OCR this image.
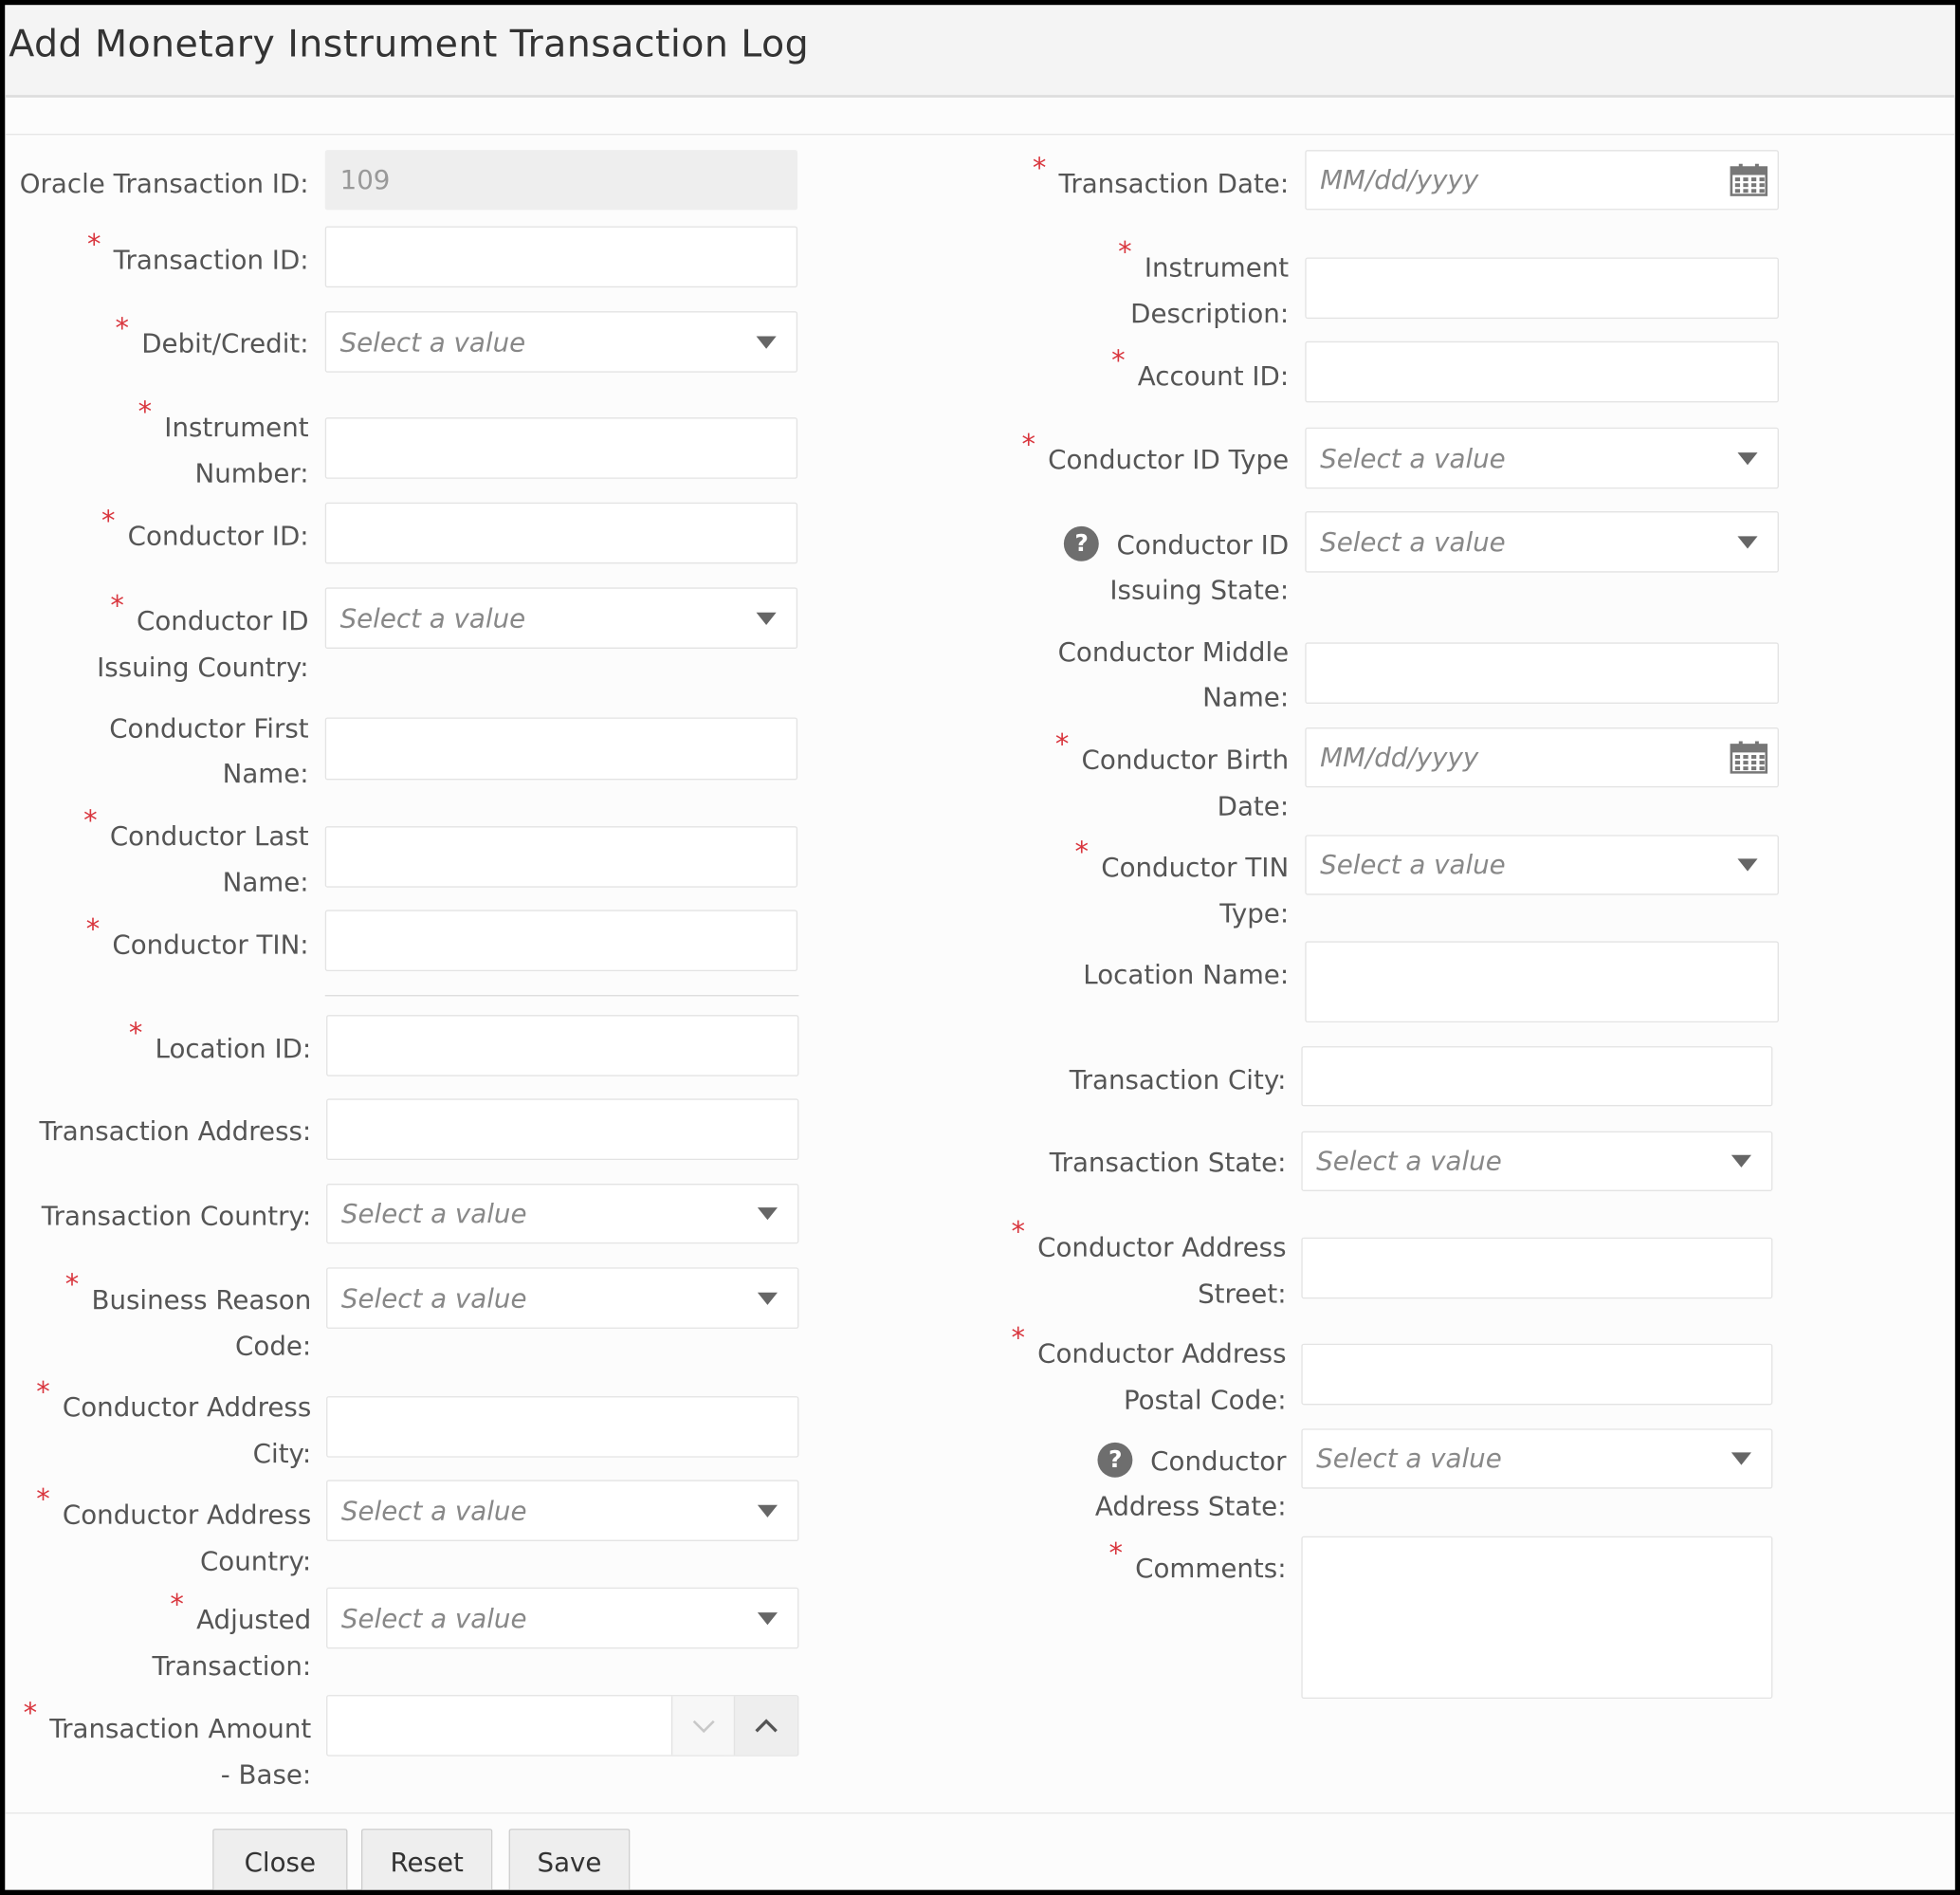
Add Monetary Instrument Transaction Log
Oracle Transaction ID: 109
* Transaction ID:
* Debit/Credit: Select a value
* Instrument
Number:
* Conductor ID:
* Conductor ID
Issuing Country:
Select a value
Conductor First
Name:
* Conductor Last
Name:
* Conductor TIN:
* Location ID:
Transaction Address:
Transaction Country: Select a value
* Business Reason
Code:
Select a value
* Conductor Address
City:
* Conductor Address
Country:
Select a value
* Adjusted
Transaction:
Select a value
* Transaction Amount
- Base:
* Transaction Date: MM/dd/yyyy
* Instrument
Description:
* Account ID:
* Conductor ID Type Select a value
? Conductor ID
Issuing State:
Select a value
Conductor Middle
Name:
* Conductor Birth
Date:
MM/dd/yyyy
* Conductor TIN
Type:
Select a value
Location Name:
Transaction City:
Transaction State: Select a value
* Conductor Address
Street:
* Conductor Address
Postal Code:
? Conductor
Address State:
Select a value
* Comments:
Close	Reset	Save
